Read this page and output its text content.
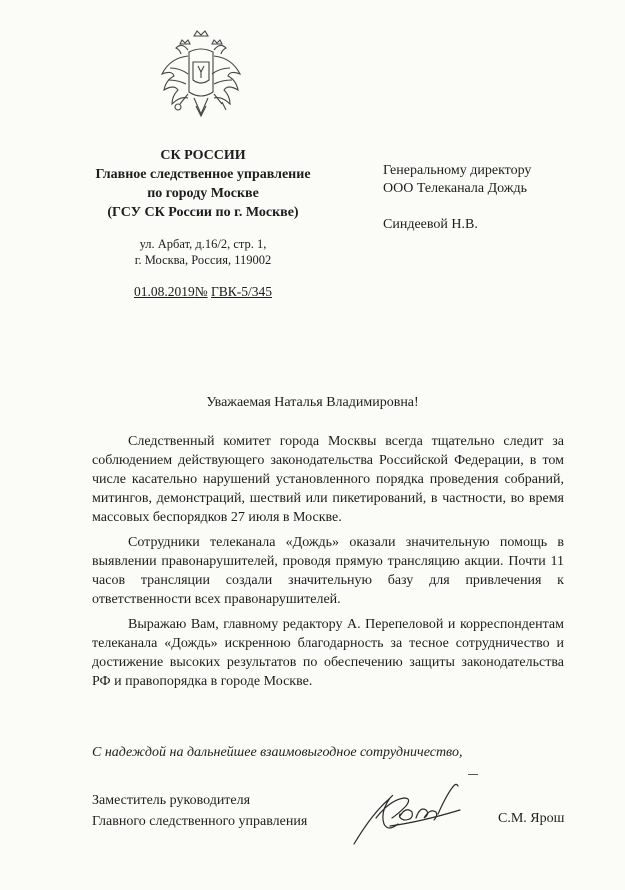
СК РОССИИ
Главное следственное управление
по городу Москве
(ГСУ СК России по г. Москве)
ул. Арбат, д.16/2, стр. 1,
г. Москва, Россия, 119002
01.08.2019№ ГВК-5/345
Генеральному директору
ООО Телеканала Дождь
Синдеевой Н.В.
Уважаемая Наталья Владимировна!

Следственный комитет города Москвы всегда тщательно следит за соблюдением действующего законодательства Российской Федерации, в том числе касательно нарушений установленного порядка проведения собраний, митингов, демонстраций, шествий или пикетирований, в частности, во время массовых беспорядков 27 июля в Москве.

Сотрудники телеканала «Дождь» оказали значительную помощь в выявлении правонарушителей, проводя прямую трансляцию акции. Почти 11 часов трансляции создали значительную базу для привлечения к ответственности всех правонарушителей.

Выражаю Вам, главному редактору А. Перепеловой и корреспондентам телеканала «Дождь» искренною благодарность за тесное сотрудничество и достижение высоких результатов по обеспечению защиты законодательства РФ и правопорядка в городе Москве.

С надеждой на дальнейшее взаимовыгодное сотрудничество,
Заместитель руководителя
Главного следственного управления	С.М. Ярош
